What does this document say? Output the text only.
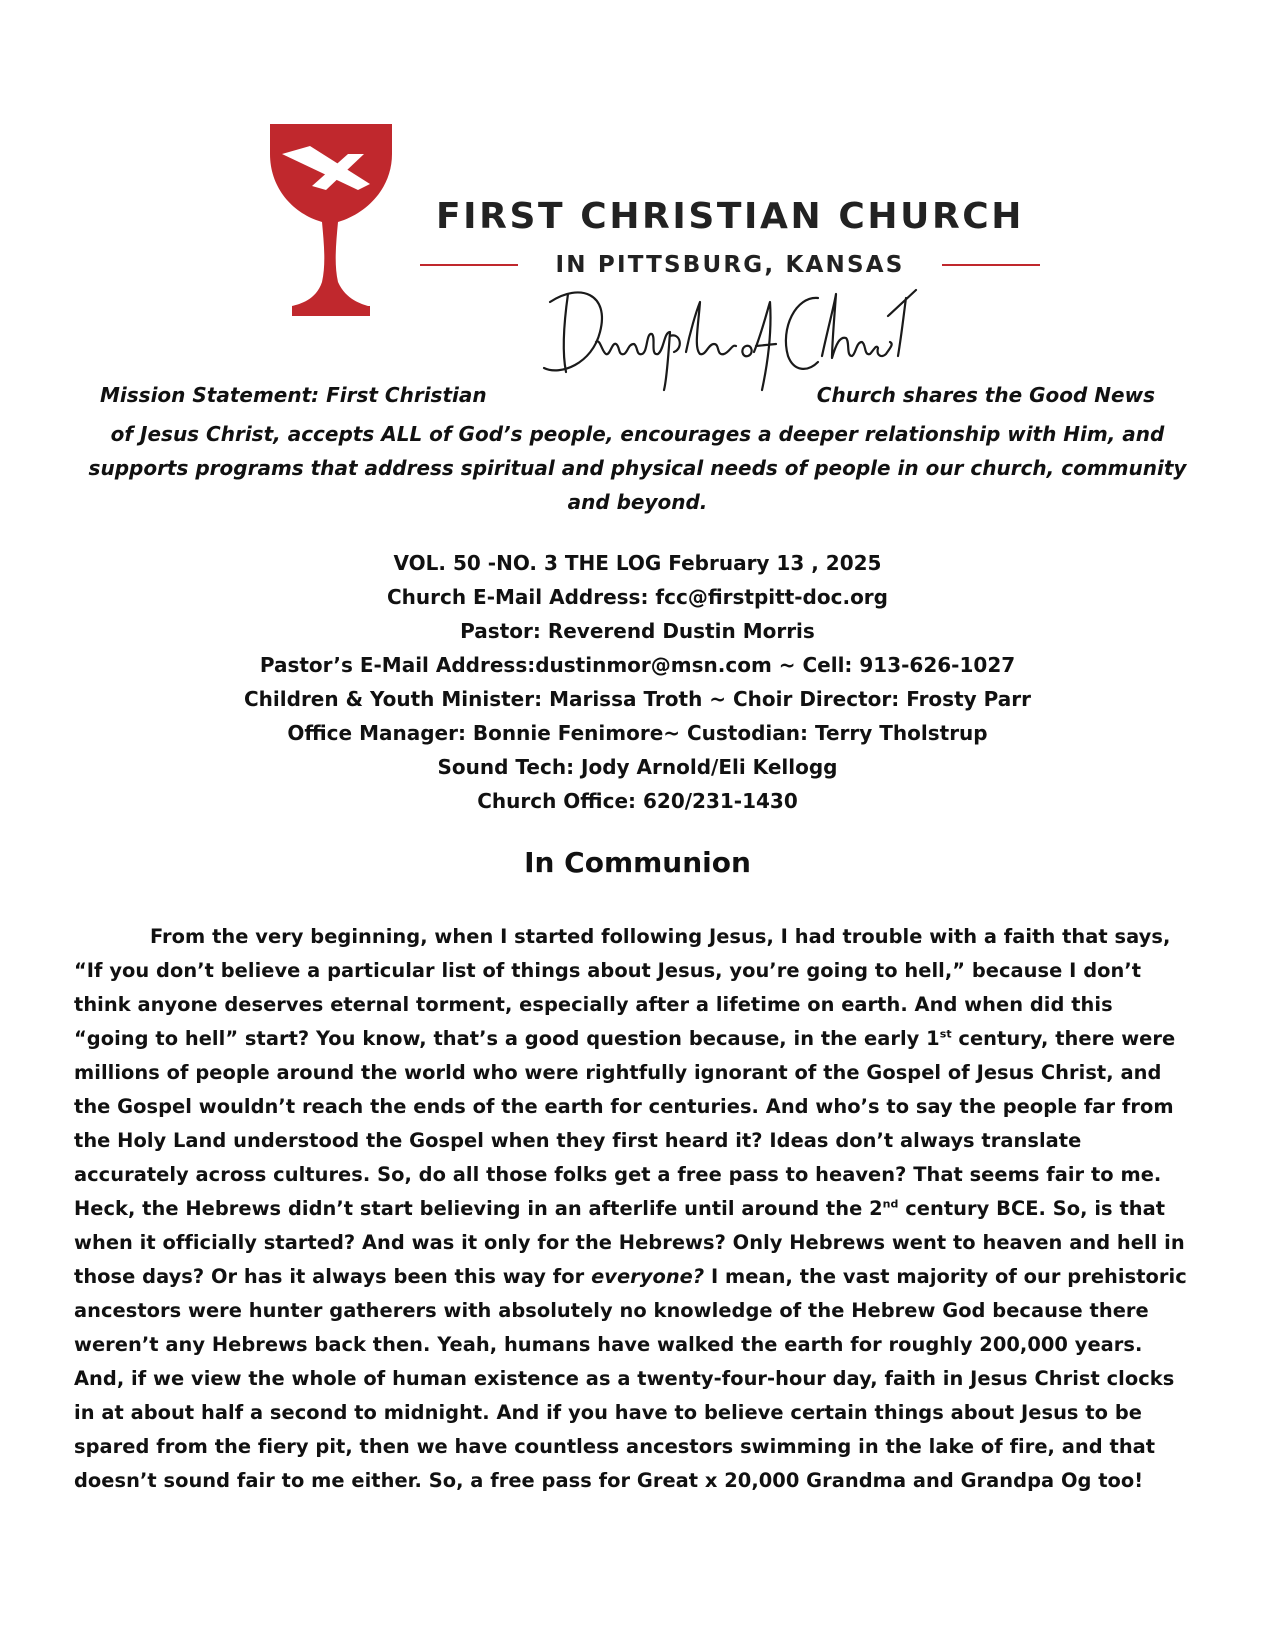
FIRST CHRISTIAN CHURCH
IN PITTSBURG, KANSAS
Mission Statement: First Christian	Church shares the Good News
of Jesus Christ, accepts ALL of God’s people, encourages a deeper relationship with Him, and
supports programs that address spiritual and physical needs of people in our church, community
and beyond.
VOL. 50 -NO. 3 THE LOG February 13 , 2025
Church E-Mail Address: fcc@firstpitt-doc.org
Pastor: Reverend Dustin Morris
Pastor’s E-Mail Address:dustinmor@msn.com ~ Cell: 913-626-1027
Children & Youth Minister: Marissa Troth ~ Choir Director: Frosty Parr
Office Manager: Bonnie Fenimore~ Custodian: Terry Tholstrup
Sound Tech: Jody Arnold/Eli Kellogg
Church Office: 620/231-1430
In Communion
From the very beginning, when I started following Jesus, I had trouble with a faith that says,
“If you don’t believe a particular list of things about Jesus, you’re going to hell,” because I don’t
think anyone deserves eternal torment, especially after a lifetime on earth. And when did this
“going to hell” start? You know, that’s a good question because, in the early 1st century, there were
millions of people around the world who were rightfully ignorant of the Gospel of Jesus Christ, and
the Gospel wouldn’t reach the ends of the earth for centuries. And who’s to say the people far from
the Holy Land understood the Gospel when they first heard it? Ideas don’t always translate
accurately across cultures. So, do all those folks get a free pass to heaven? That seems fair to me.
Heck, the Hebrews didn’t start believing in an afterlife until around the 2nd century BCE. So, is that
when it officially started? And was it only for the Hebrews? Only Hebrews went to heaven and hell in
those days? Or has it always been this way for everyone? I mean, the vast majority of our prehistoric
ancestors were hunter gatherers with absolutely no knowledge of the Hebrew God because there
weren’t any Hebrews back then. Yeah, humans have walked the earth for roughly 200,000 years.
And, if we view the whole of human existence as a twenty-four-hour day, faith in Jesus Christ clocks
in at about half a second to midnight. And if you have to believe certain things about Jesus to be
spared from the fiery pit, then we have countless ancestors swimming in the lake of fire, and that
doesn’t sound fair to me either. So, a free pass for Great x 20,000 Grandma and Grandpa Og too!
